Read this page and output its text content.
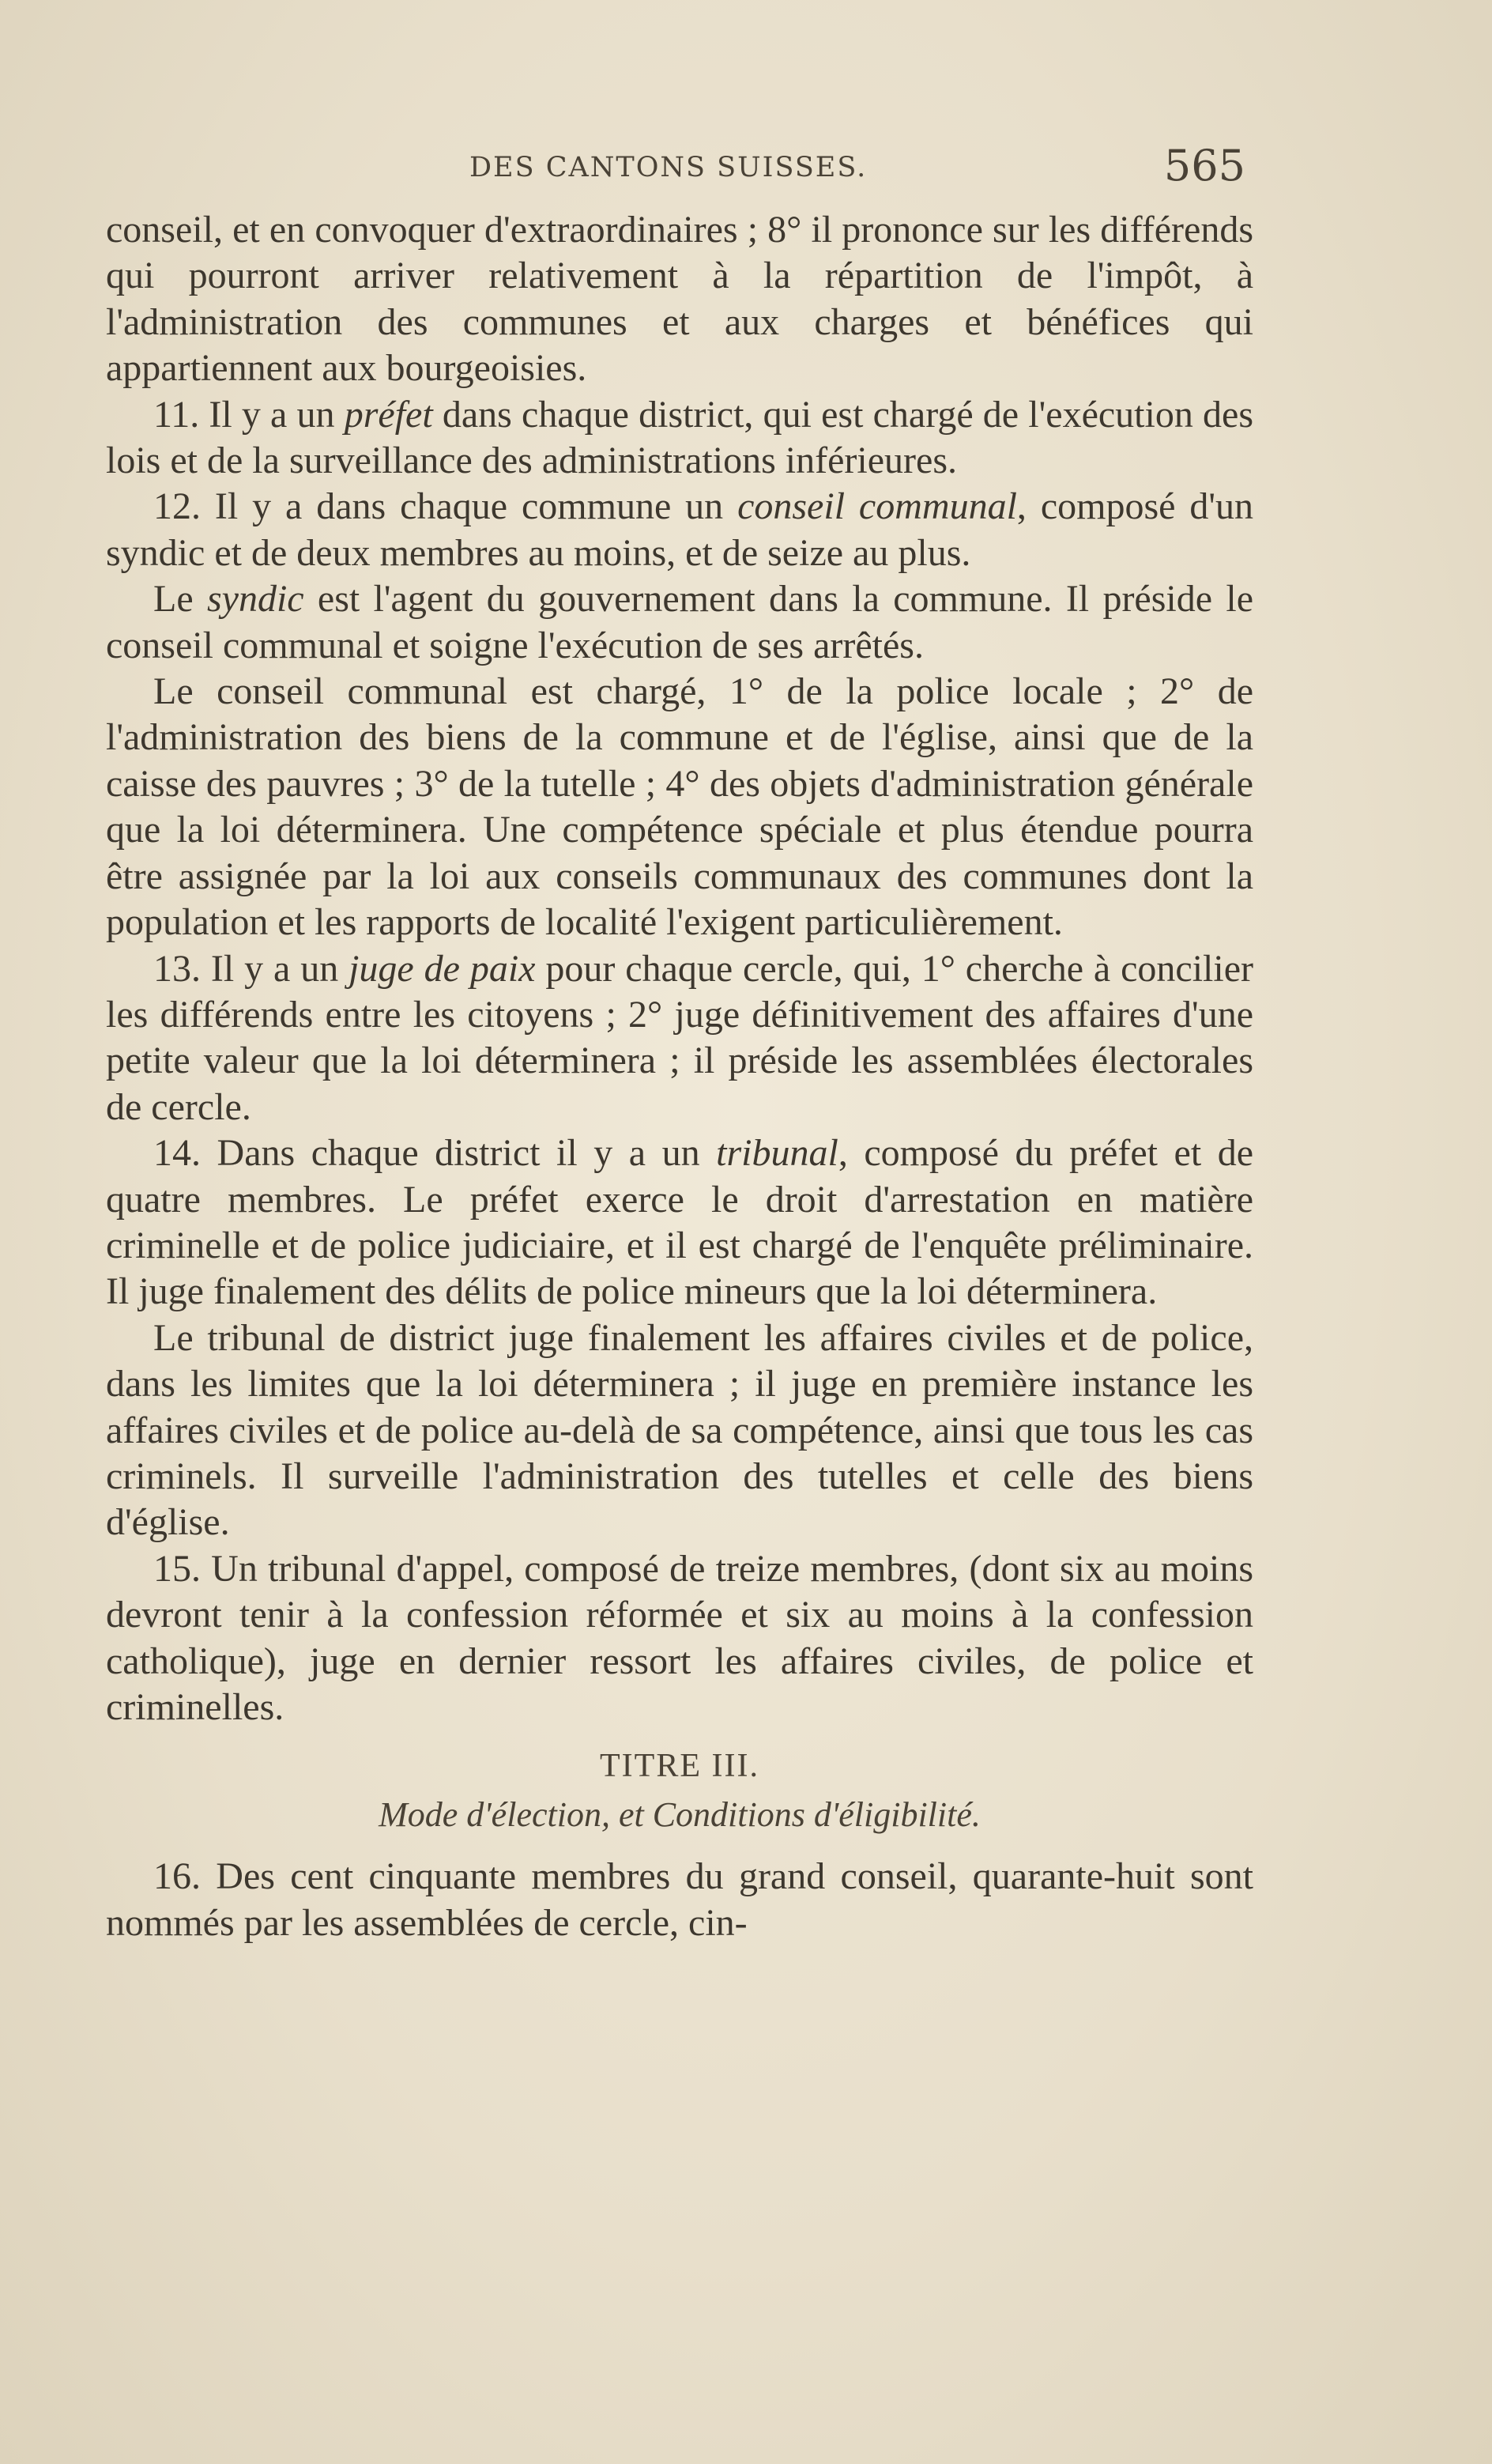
DES CANTONS SUISSES.	565

conseil, et en convoquer d'extraordinaires ; 8° il prononce sur les différends qui pourront arriver relativement à la répartition de l'impôt, à l'administration des communes et aux charges et bénéfices qui appartiennent aux bourgeoisies.

11. Il y a un préfet dans chaque district, qui est chargé de l'exécution des lois et de la surveillance des administrations inférieures.

12. Il y a dans chaque commune un conseil communal, composé d'un syndic et de deux membres au moins, et de seize au plus.

Le syndic est l'agent du gouvernement dans la commune. Il préside le conseil communal et soigne l'exécution de ses arrêtés.

Le conseil communal est chargé, 1° de la police locale ; 2° de l'administration des biens de la commune et de l'église, ainsi que de la caisse des pauvres ; 3° de la tutelle ; 4° des objets d'administration générale que la loi déterminera. Une compétence spéciale et plus étendue pourra être assignée par la loi aux conseils communaux des communes dont la population et les rapports de localité l'exigent particulièrement.

13. Il y a un juge de paix pour chaque cercle, qui, 1° cherche à concilier les différends entre les citoyens ; 2° juge définitivement des affaires d'une petite valeur que la loi déterminera ; il préside les assemblées électorales de cercle.

14. Dans chaque district il y a un tribunal, composé du préfet et de quatre membres. Le préfet exerce le droit d'arrestation en matière criminelle et de police judiciaire, et il est chargé de l'enquête préliminaire. Il juge finalement des délits de police mineurs que la loi déterminera.

Le tribunal de district juge finalement les affaires civiles et de police, dans les limites que la loi déterminera ; il juge en première instance les affaires civiles et de police au-delà de sa compétence, ainsi que tous les cas criminels. Il surveille l'administration des tutelles et celle des biens d'église.

15. Un tribunal d'appel, composé de treize membres, (dont six au moins devront tenir à la confession réformée et six au moins à la confession catholique), juge en dernier ressort les affaires civiles, de police et criminelles.

TITRE III.
Mode d'élection, et Conditions d'éligibilité.

16. Des cent cinquante membres du grand conseil, quarante-huit sont nommés par les assemblées de cercle, cin-
